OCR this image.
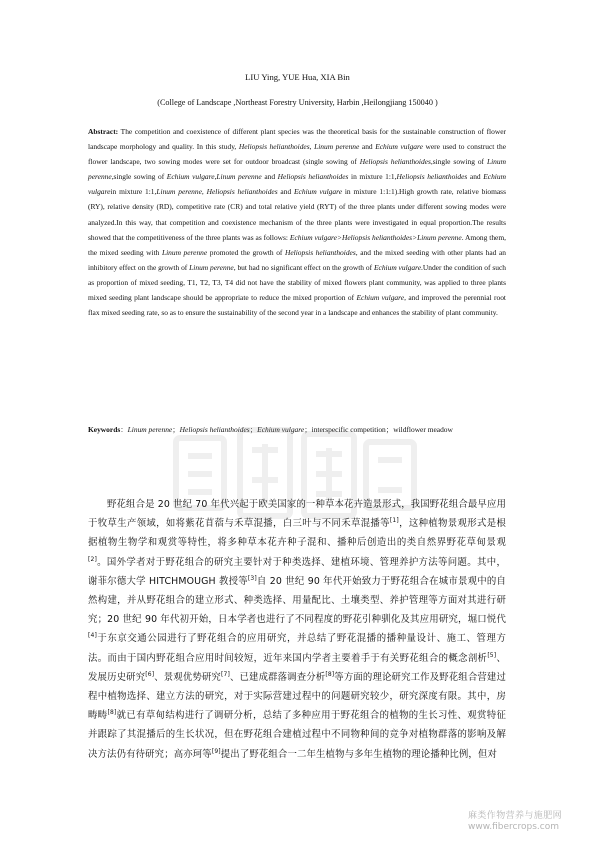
LIU Ying, YUE Hua, XIA Bin
(College of Landscape ,Northeast Forestry University, Harbin ,Heilongjiang 150040 )
Abstract: The competition and coexistence of different plant species was the theoretical basis for the sustainable construction of flower landscape morphology and quality. In this study, Heliopsis helianthoides, Linum perenne and Echium vulgare were used to construct the flower landscape, two sowing modes were set for outdoor broadcast (single sowing of Heliopsis helianthoides,single sowing of Linum perenne,single sowing of Echium vulgare,Linum perenne and Heliopsis helianthoides in mixture 1:1,Heliopsis helianthoides and Echium vulgarein mixture 1:1,Linum perenne, Heliopsis helianthoides and Echium vulgare in mixture 1:1:1).High growth rate, relative biomass (RY), relative density (RD), competitive rate (CR) and total relative yield (RYT) of the three plants under different sowing modes were analyzed.In this way, that competition and coexistence mechanism of the three plants were investigated in equal proportion.The results showed that the competitiveness of the three plants was as follows: Echium vulgare>Heliopsis helianthoides>Linum perenne. Among them, the mixed seeding with Linum perenne promoted the growth of Heliopsis helianthoides, and the mixed seeding with other plants had an inhibitory effect on the growth of Linum perenne, but had no significant effect on the growth of Echium vulgare.Under the condition of such as proportion of mixed seeding, T1, T2, T3, T4 did not have the stability of mixed flowers plant community, was applied to three plants mixed seeding plant landscape should be appropriate to reduce the mixed proportion of Echium vulgare, and improved the perennial root flax mixed seeding rate, so as to ensure the sustainability of the second year in a landscape and enhances the stability of plant community.
Keywords：Linum perenne；Heliopsis helianthoides；Echium vulgare；interspecific competition；wildflower meadow

野花组合是 20 世纪 70 年代兴起于欧美国家的一种草本花卉造景形式，我国野花组合最早应用于牧草生产领域，如将紫花苜蓿与禾草混播，白三叶与不同禾草混播等[1]，这种植物景观形式是根据植物生物学和观赏等特性，将多种草本花卉种子混和、播种后创造出的类自然界野花草甸景观[2]。国外学者对于野花组合的研究主要针对于种类选择、建植环境、管理养护方法等问题。其中，谢菲尔德大学 HITCHMOUGH 教授等[3]自 20 世纪 90 年代开始致力于野花组合在城市景观中的自然构建，并从野花组合的建立形式、种类选择、用量配比、土壤类型、养护管理等方面对其进行研究；20 世纪 90 年代初开始，日本学者也进行了不同程度的野花引种驯化及其应用研究，堀口悦代[4]于东京交通公园进行了野花组合的应用研究，并总结了野花混播的播种量设计、施工、管理方法。而由于国内野花组合应用时间较短，近年来国内学者主要着手于有关野花组合的概念剖析[5]、发展历史研究[6]、景观优势研究[7]、已建成群落调查分析[8]等方面的理论研究工作及野花组合营建过程中植物选择、建立方法的研究，对于实际营建过程中的问题研究较少，研究深度有限。其中，房畴畴[8]就已有草甸结构进行了调研分析，总结了多种应用于野花组合的植物的生长习性、观赏特征并跟踪了其混播后的生长状况，但在野花组合建植过程中不同物种间的竞争对植物群落的影响及解决方法仍有待研究；高亦珂等[9]提出了野花组合一二年生植物与多年生植物的理论播种比例，但对

麻类作物营养与施肥网
www.fibercrops.com
